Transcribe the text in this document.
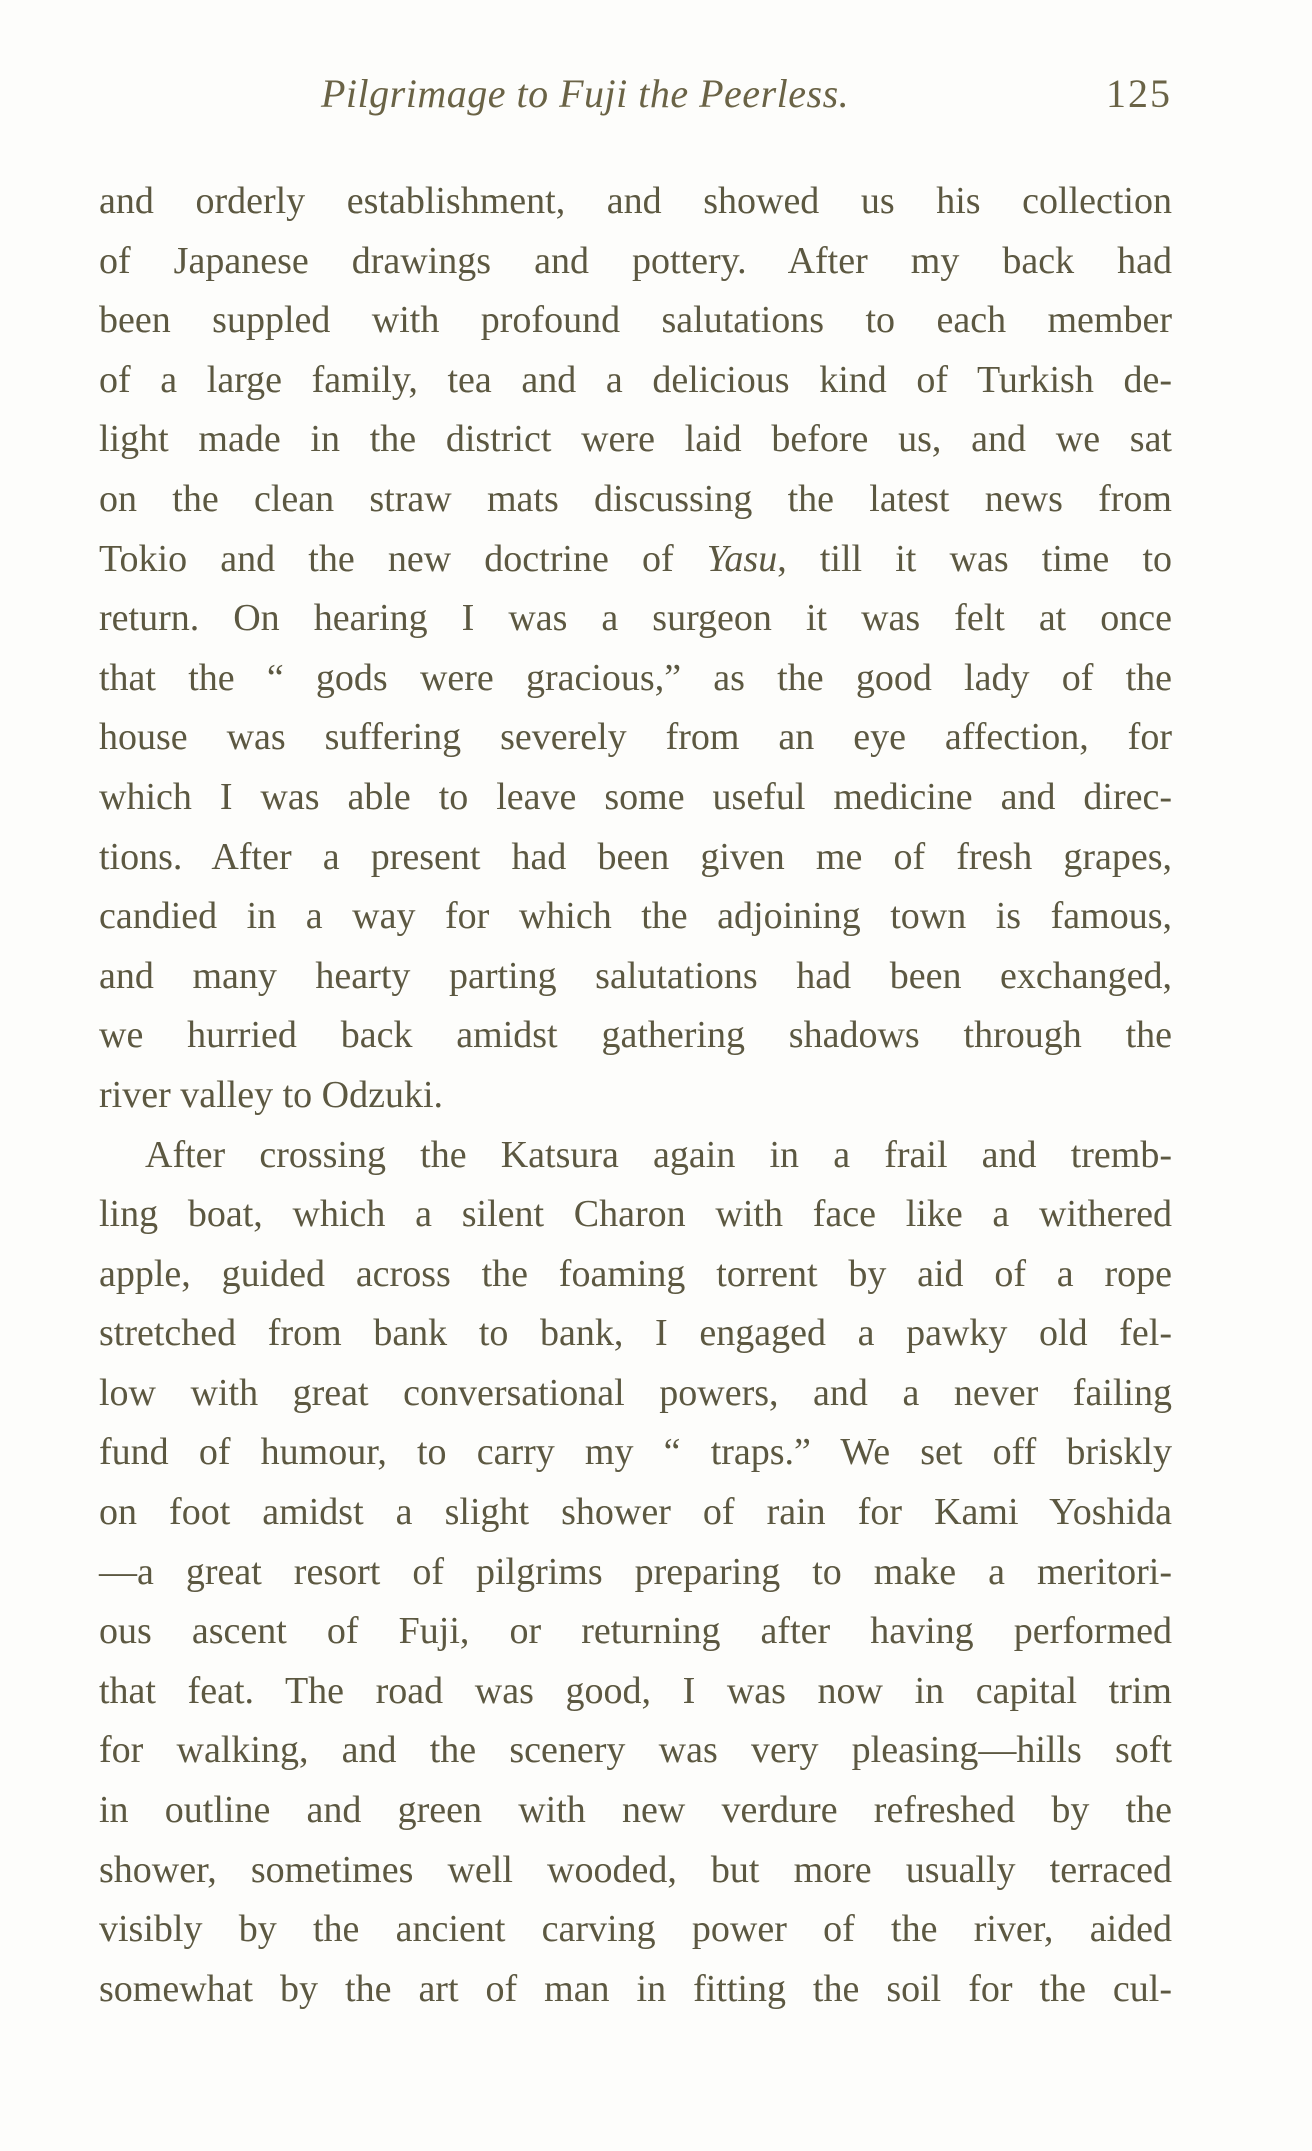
Pilgrimage to Fuji the Peerless.	125
and orderly establishment, and showed us his collection
of Japanese drawings and pottery. After my back had
been suppled with profound salutations to each member
of a large family, tea and a delicious kind of Turkish de-
light made in the district were laid before us, and we sat
on the clean straw mats discussing the latest news from
Tokio and the new doctrine of Yasu, till it was time to
return. On hearing I was a surgeon it was felt at once
that the “ gods were gracious,” as the good lady of the
house was suffering severely from an eye affection, for
which I was able to leave some useful medicine and direc-
tions. After a present had been given me of fresh grapes,
candied in a way for which the adjoining town is famous,
and many hearty parting salutations had been exchanged,
we hurried back amidst gathering shadows through the
river valley to Odzuki.
After crossing the Katsura again in a frail and tremb-
ling boat, which a silent Charon with face like a withered
apple, guided across the foaming torrent by aid of a rope
stretched from bank to bank, I engaged a pawky old fel-
low with great conversational powers, and a never failing
fund of humour, to carry my “ traps.” We set off briskly
on foot amidst a slight shower of rain for Kami Yoshida
—a great resort of pilgrims preparing to make a meritori-
ous ascent of Fuji, or returning after having performed
that feat. The road was good, I was now in capital trim
for walking, and the scenery was very pleasing—hills soft
in outline and green with new verdure refreshed by the
shower, sometimes well wooded, but more usually terraced
visibly by the ancient carving power of the river, aided
somewhat by the art of man in fitting the soil for the cul-
